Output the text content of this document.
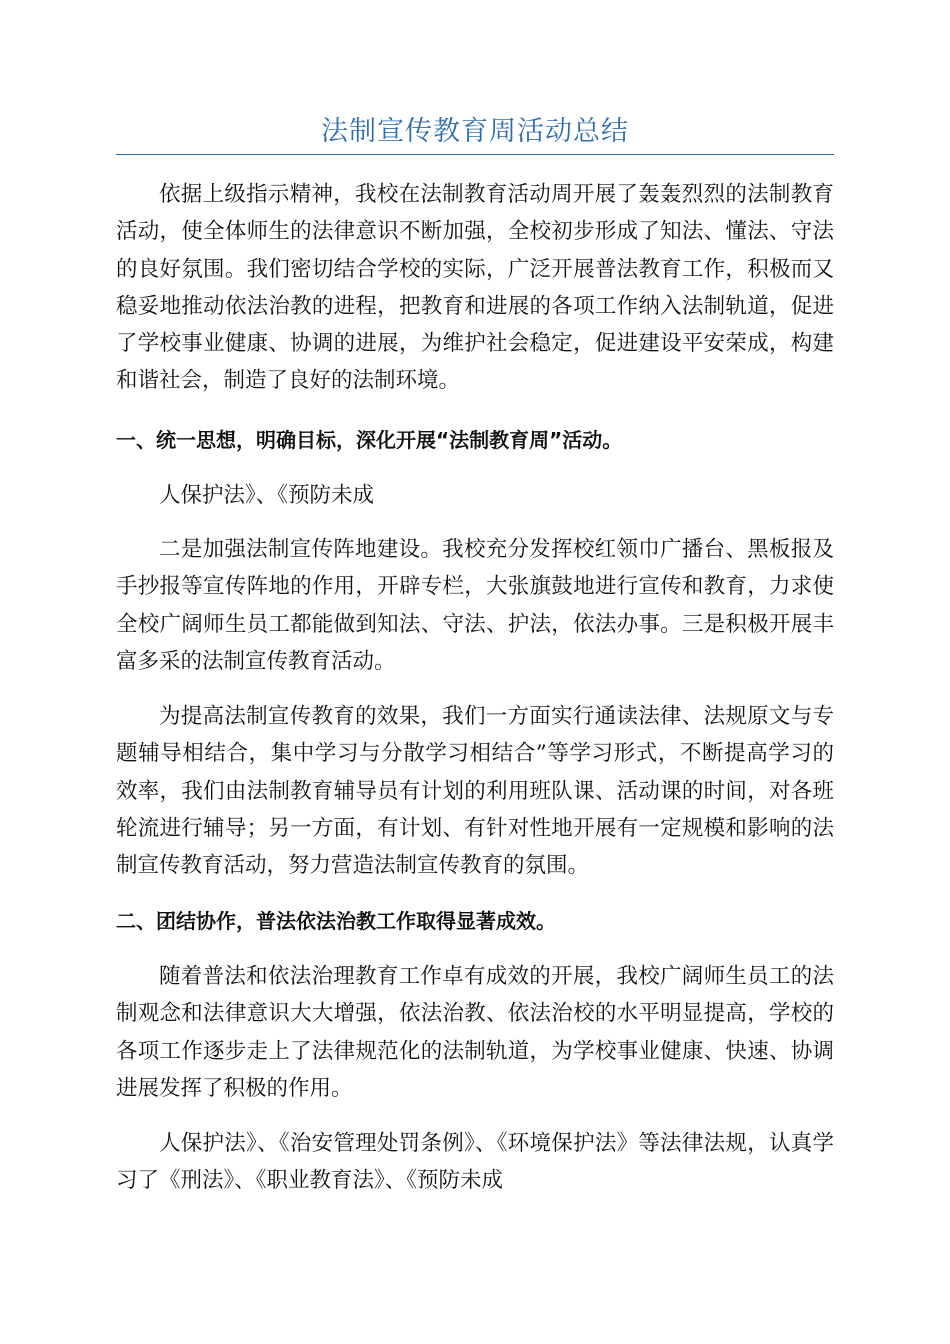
法制宣传教育周活动总结

依据上级指示精神，我校在法制教育活动周开展了轰轰烈烈的法制教育活动，使全体师生的法律意识不断加强，全校初步形成了知法、懂法、守法的良好氛围。我们密切结合学校的实际，广泛开展普法教育工作，积极而又稳妥地推动依法治教的进程，把教育和进展的各项工作纳入法制轨道，促进了学校事业健康、协调的进展，为维护社会稳定，促进建设平安荣成，构建和谐社会，制造了良好的法制环境。

一、统一思想，明确目标，深化开展“法制教育周”活动。

人保护法》、《预防未成

二是加强法制宣传阵地建设。我校充分发挥校红领巾广播台、黑板报及手抄报等宣传阵地的作用，开辟专栏，大张旗鼓地进行宣传和教育，力求使全校广阔师生员工都能做到知法、守法、护法，依法办事。三是积极开展丰富多采的法制宣传教育活动。

为提高法制宣传教育的效果，我们一方面实行通读法律、法规原文与专题辅导相结合，集中学习与分散学习相结合”等学习形式，不断提高学习的效率，我们由法制教育辅导员有计划的利用班队课、活动课的时间，对各班轮流进行辅导；另一方面，有计划、有针对性地开展有一定规模和影响的法制宣传教育活动，努力营造法制宣传教育的氛围。

二、团结协作，普法依法治教工作取得显著成效。

随着普法和依法治理教育工作卓有成效的开展，我校广阔师生员工的法制观念和法律意识大大增强，依法治教、依法治校的水平明显提高，学校的各项工作逐步走上了法律规范化的法制轨道，为学校事业健康、快速、协调进展发挥了积极的作用。

人保护法》、《治安管理处罚条例》、《环境保护法》等法律法规，认真学习了《刑法》、《职业教育法》、《预防未成
